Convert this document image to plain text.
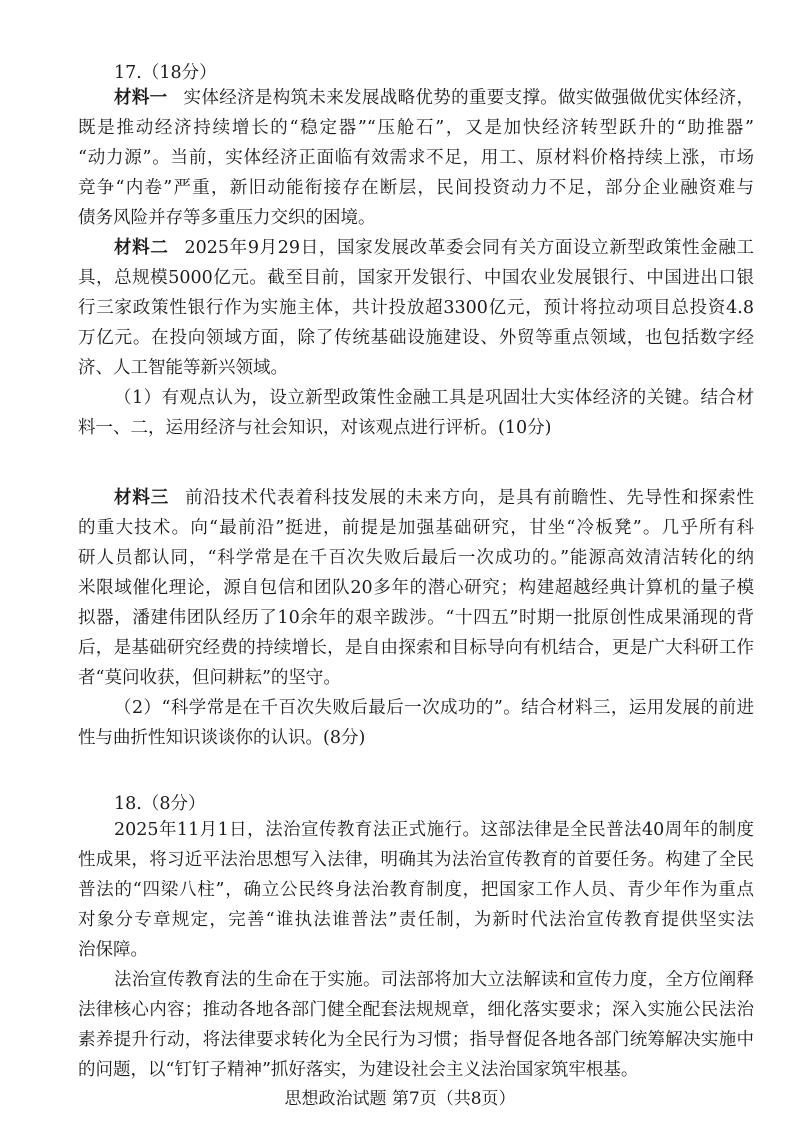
17.（18分）
材料一 实体经济是构筑未来发展战略优势的重要支撑。做实做强做优实体经济，
既是推动经济持续增长的“稳定器”“压舱石”，又是加快经济转型跃升的“助推器”
“动力源”。当前，实体经济正面临有效需求不足，用工、原材料价格持续上涨，市场
竞争“内卷”严重，新旧动能衔接存在断层，民间投资动力不足，部分企业融资难与
债务风险并存等多重压力交织的困境。
材料二 2025年9月29日，国家发展改革委会同有关方面设立新型政策性金融工
具，总规模5000亿元。截至目前，国家开发银行、中国农业发展银行、中国进出口银
行三家政策性银行作为实施主体，共计投放超3300亿元，预计将拉动项目总投资4.8
万亿元。在投向领域方面，除了传统基础设施建设、外贸等重点领域，也包括数字经
济、人工智能等新兴领域。
（1）有观点认为，设立新型政策性金融工具是巩固壮大实体经济的关键。结合材
料一、二，运用经济与社会知识，对该观点进行评析。(10分)
材料三 前沿技术代表着科技发展的未来方向，是具有前瞻性、先导性和探索性
的重大技术。向“最前沿”挺进，前提是加强基础研究，甘坐“冷板凳”。几乎所有科
研人员都认同，“科学常是在千百次失败后最后一次成功的。”能源高效清洁转化的纳
米限域催化理论，源自包信和团队20多年的潜心研究；构建超越经典计算机的量子模
拟器，潘建伟团队经历了10余年的艰辛跋涉。“十四五”时期一批原创性成果涌现的背
后，是基础研究经费的持续增长，是自由探索和目标导向有机结合，更是广大科研工作
者“莫问收获，但问耕耘”的坚守。
（2）“科学常是在千百次失败后最后一次成功的”。结合材料三，运用发展的前进
性与曲折性知识谈谈你的认识。(8分)
18.（8分）
2025年11月1日，法治宣传教育法正式施行。这部法律是全民普法40周年的制度
性成果，将习近平法治思想写入法律，明确其为法治宣传教育的首要任务。构建了全民
普法的“四梁八柱”，确立公民终身法治教育制度，把国家工作人员、青少年作为重点
对象分专章规定，完善“谁执法谁普法”责任制，为新时代法治宣传教育提供坚实法
治保障。
法治宣传教育法的生命在于实施。司法部将加大立法解读和宣传力度，全方位阐释
法律核心内容；推动各地各部门健全配套法规规章，细化落实要求；深入实施公民法治
素养提升行动，将法律要求转化为全民行为习惯；指导督促各地各部门统筹解决实施中
的问题，以“钉钉子精神”抓好落实，为建设社会主义法治国家筑牢根基。
思想政治试题 第7页（共8页）
